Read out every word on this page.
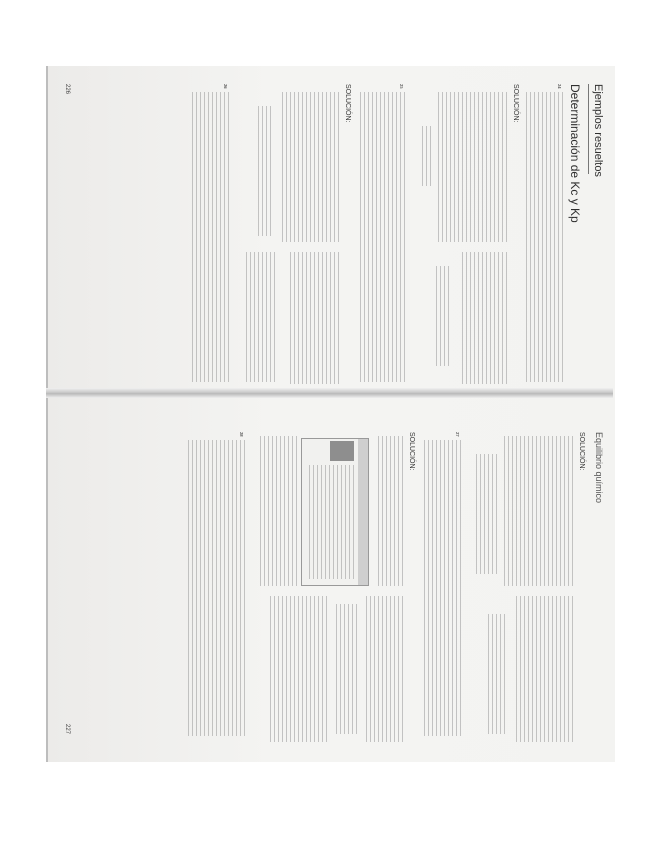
Ejemplos resueltos
Determinación de Kc y Kp
24
SOLUCIÓN:
25
SOLUCIÓN:
26
226
Equilibrio químico
SOLUCIÓN:
27
SOLUCIÓN:
28
227
